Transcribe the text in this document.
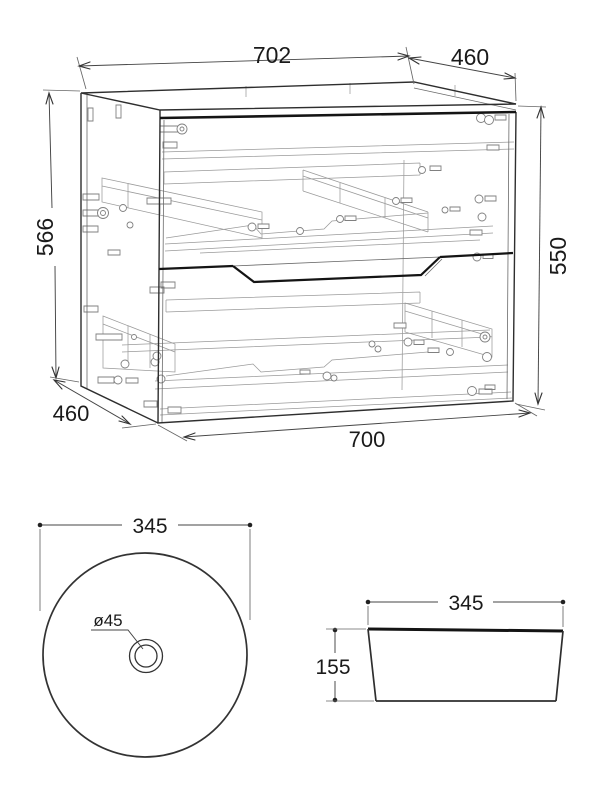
702	460
566	550
460
700
345
ø45
345
155
